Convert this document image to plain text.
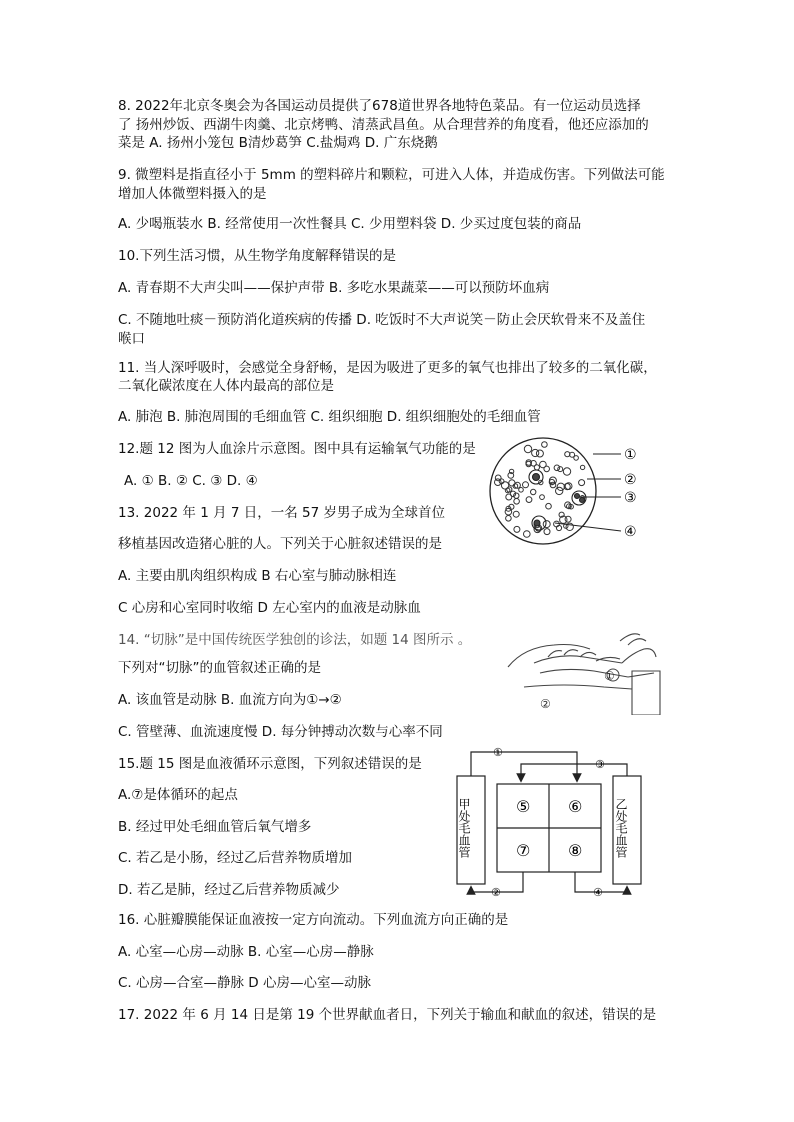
8. 2022年北京冬奥会为各国运动员提供了678道世界各地特色菜品。有一位运动员选择
了 扬州炒饭、西湖牛肉羹、北京烤鸭、清蒸武昌鱼。从合理营养的角度看，他还应添加的
菜是 A. 扬州小笼包 B清炒葛笋 C.盐焗鸡 D. 广东烧鹅
9. 微塑料是指直径小于 5mm 的塑料碎片和颗粒，可进入人体，并造成伤害。下列做法可能
增加人体微塑料摄入的是
A. 少喝瓶装水 B. 经常使用一次性餐具 C. 少用塑料袋 D. 少买过度包装的商品
10.下列生活习惯，从生物学角度解释错误的是
A. 青春期不大声尖叫——保护声带 B. 多吃水果蔬菜——可以预防坏血病
C. 不随地吐痰－预防消化道疾病的传播 D. 吃饭时不大声说笑－防止会厌软骨来不及盖住
喉口
11. 当人深呼吸时，会感觉全身舒畅，是因为吸进了更多的氧气也排出了较多的二氧化碳，
二氧化碳浓度在人体内最高的部位是
A. 肺泡 B. 肺泡周围的毛细血管 C. 组织细胞 D. 组织细胞处的毛细血管
12.题 12 图为人血涂片示意图。图中具有运输氧气功能的是
A. ① B. ② C. ③ D. ④
①
②
③
④
13. 2022 年 1 月 7 日，一名 57 岁男子成为全球首位
移植基因改造猪心脏的人。下列关于心脏叙述错误的是
A. 主要由肌肉组织构成 B 右心室与肺动脉相连
C 心房和心室同时收缩 D 左心室内的血液是动脉血
14. “切脉”是中国传统医学独创的诊法，如题 14 图所示 。
下列对“切脉”的血管叙述正确的是
A. 该血管是动脉 B. 血流方向为①→②
C. 管壁薄、血流速度慢 D. 每分钟搏动次数与心率不同
①
②
15.题 15 图是血液循环示意图，下列叙述错误的是
A.⑦是体循环的起点
B. 经过甲处毛细血管后氧气增多
C. 若乙是小肠，经过乙后营养物质增加
D. 若乙是肺，经过乙后营养物质减少
①
②
③
④
⑤ ⑥
⑦ ⑧
甲处毛血管	乙处毛血管
16. 心脏瓣膜能保证血液按一定方向流动。下列血流方向正确的是
A. 心室—心房—动脉 B. 心室—心房—静脉
C. 心房—合室—静脉 D 心房—心室—动脉
17. 2022 年 6 月 14 日是第 19 个世界献血者日，下列关于输血和献血的叙述，错误的是
